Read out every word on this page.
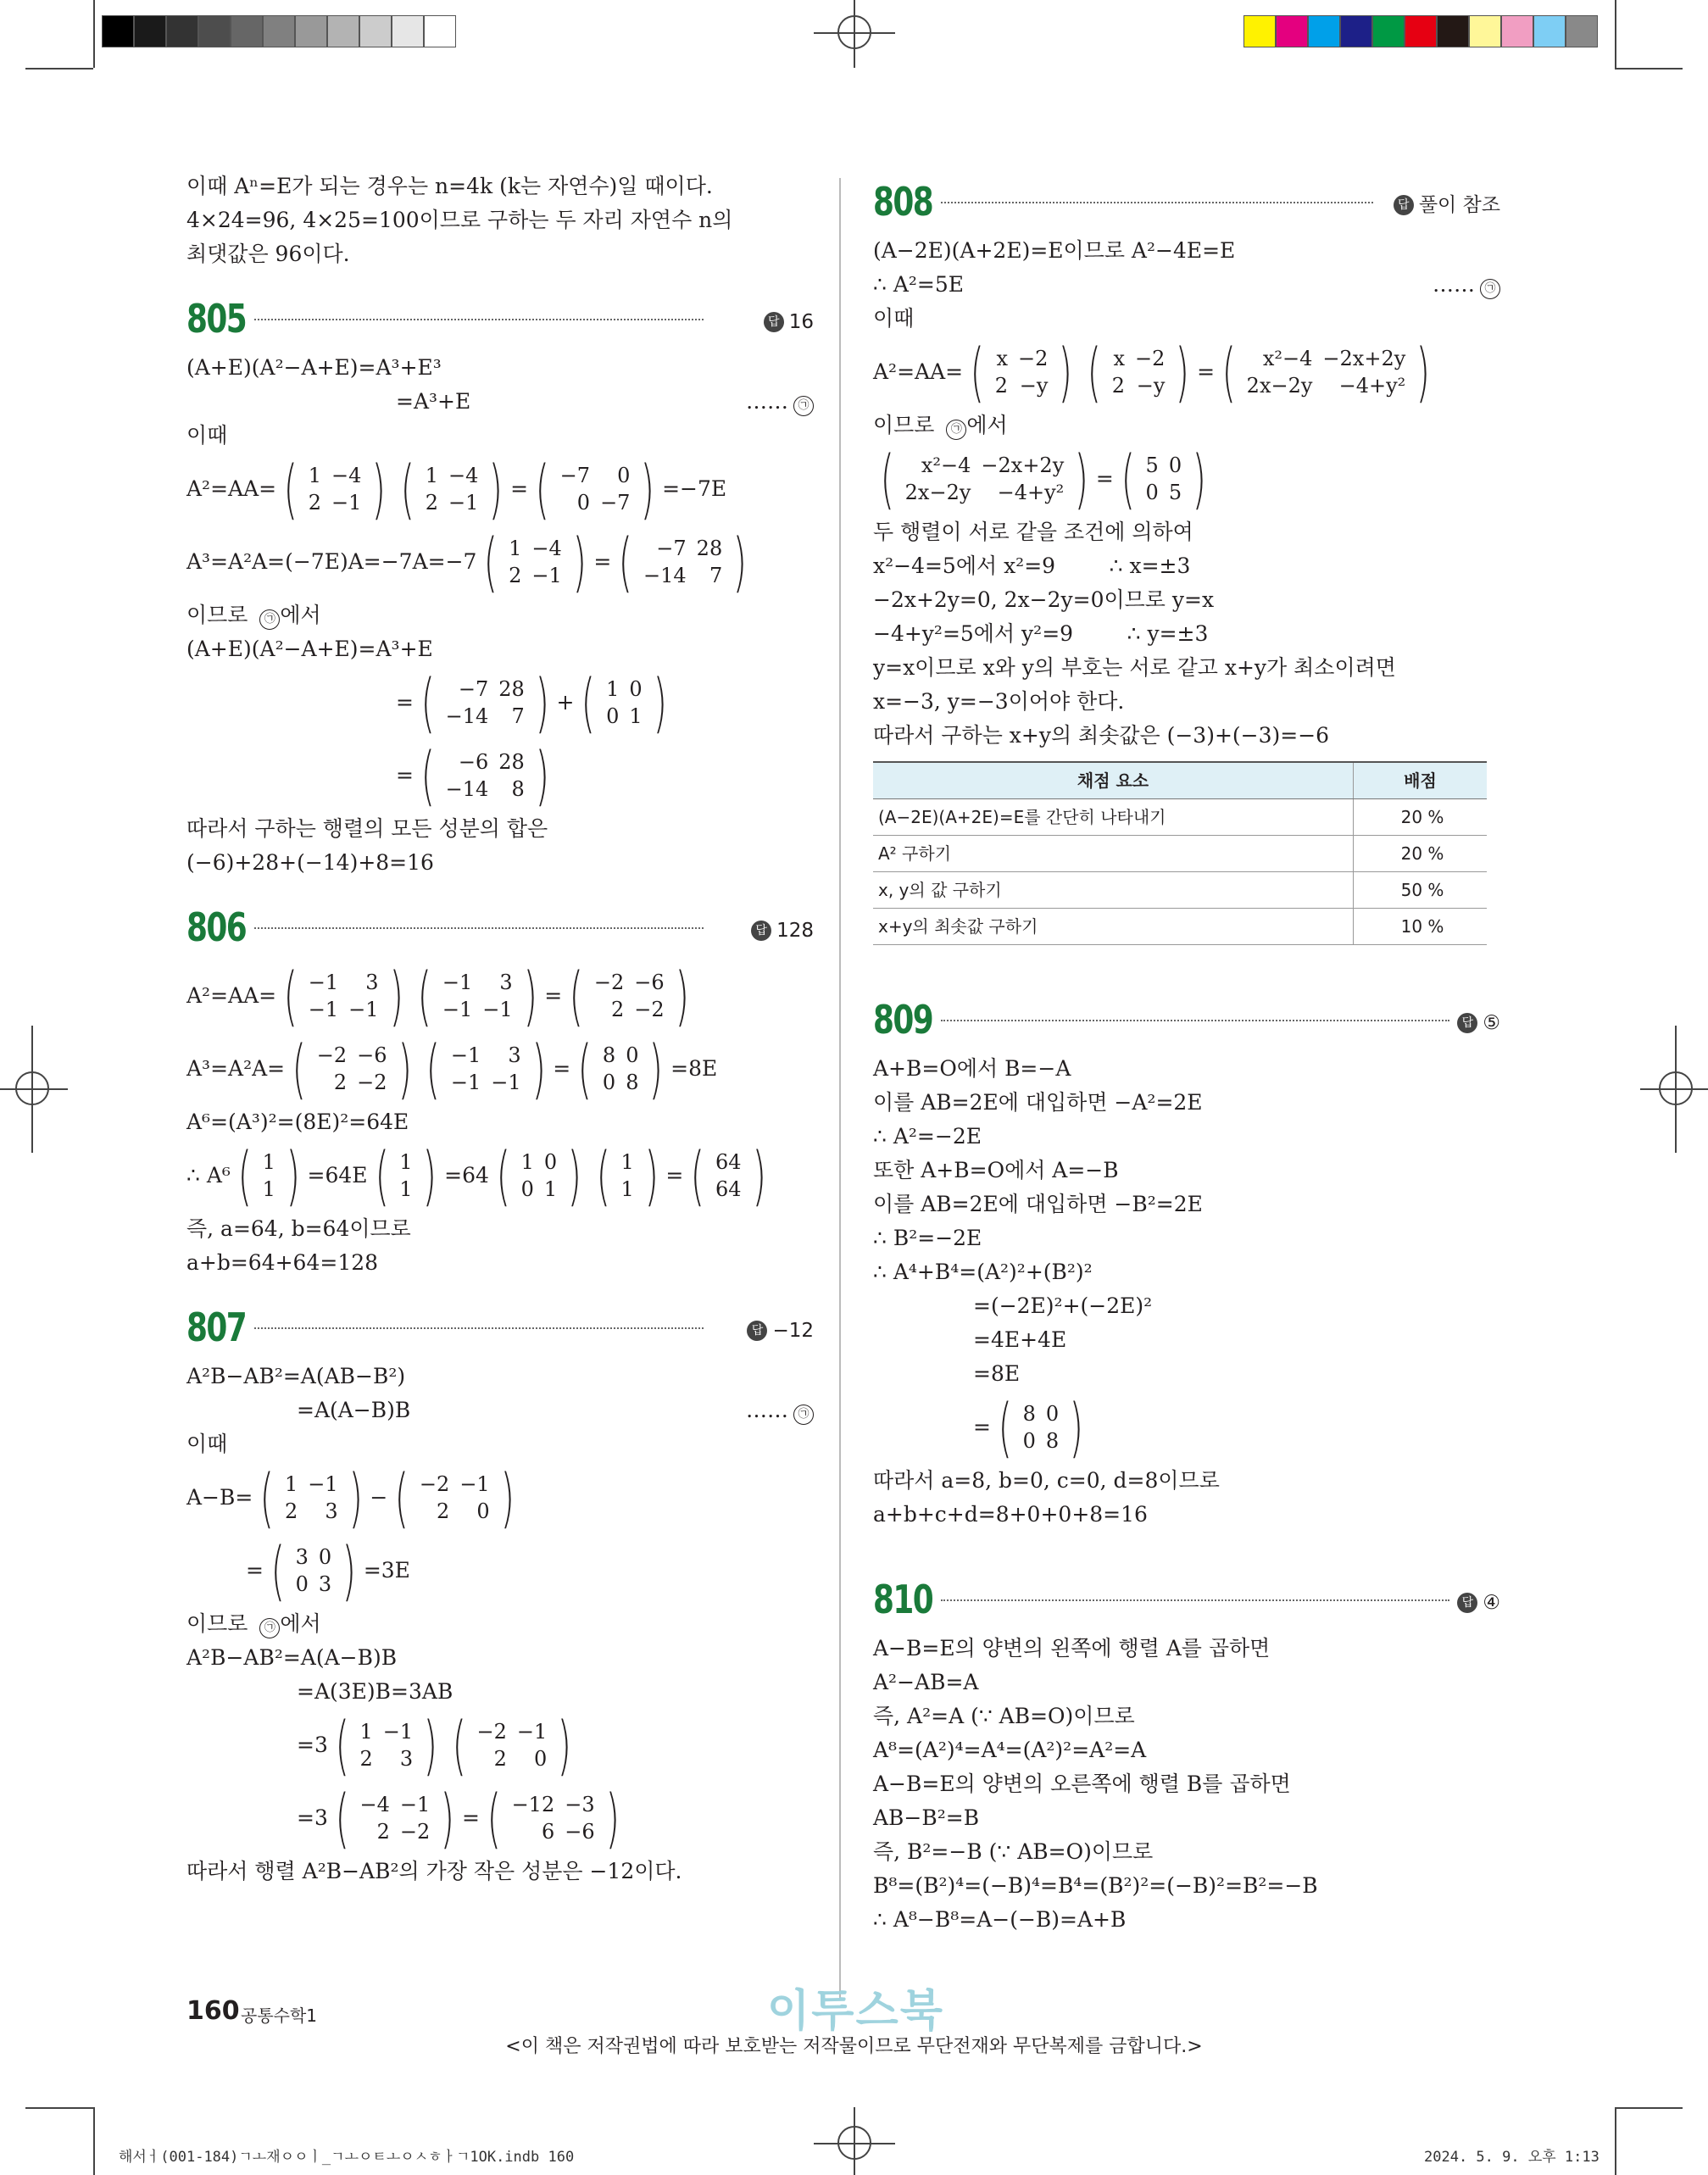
이때 Aⁿ=E가 되는 경우는 n=4k (k는 자연수)일 때이다.
4×24=96, 4×25=100이므로 구하는 두 자리 자연수 n의
최댓값은 96이다.
805	답 16
(A+E)(A²−A+E)=A³+E³
=A³+E	…… ㉠
이때
A²=AA= ( 1	−4
2	−1 ) ( 1	−4
2	−1 ) = ( −7	0
0	−7 ) =−7E
A³=A²A=(−7E)A=−7A=−7 ( 1	−4
2	−1 ) = ( −7	28
−14	7 )
이므로 ㉠ 에서
(A+E)(A²−A+E)=A³+E
= ( −7	28
−14	7 ) + ( 1	0
0	1 )
= ( −6	28
−14	8 )
따라서 구하는 행렬의 모든 성분의 합은
(−6)+28+(−14)+8=16
806	답 128
A²=AA= ( −1	3
−1	−1 ) ( −1	3
−1	−1 ) = ( −2	−6
2	−2 )
A³=A²A= ( −2	−6
2	−2 ) ( −1	3
−1	−1 ) = ( 8	0
0	8 ) =8E
A⁶=(A³)²=(8E)²=64E
∴ A⁶ ( 1
1 ) =64E ( 1
1 ) =64 ( 1	0
0	1 ) ( 1
1 ) = ( 64
64 )
즉, a=64, b=64이므로
a+b=64+64=128
807	답 −12
A²B−AB²=A(AB−B²)
=A(A−B)B	…… ㉠
이때
A−B= ( 1	−1
2	3 ) − ( −2	−1
2	0 )
= ( 3	0
0	3 ) =3E
이므로 ㉠ 에서
A²B−AB²=A(A−B)B
=A(3E)B=3AB
=3 ( 1	−1
2	3 ) ( −2	−1
2	0 )
=3 ( −4	−1
2	−2 ) = ( −12	−3
6	−6 )
따라서 행렬 A²B−AB²의 가장 작은 성분은 −12이다.
808	답 풀이 참조
(A−2E)(A+2E)=E이므로 A²−4E=E
∴ A²=5E	…… ㉠
이때
A²=AA= ( x	−2
2	−y ) ( x	−2
2	−y ) = ( x²−4	−2x+2y
2x−2y	−4+y² )
이므로 ㉠ 에서
( x²−4	−2x+2y
2x−2y	−4+y² ) = ( 5	0
0	5 )
두 행렬이 서로 같을 조건에 의하여
x²−4=5에서 x²=9        ∴ x=±3
−2x+2y=0, 2x−2y=0이므로 y=x
−4+y²=5에서 y²=9        ∴ y=±3
y=x이므로 x와 y의 부호는 서로 같고 x+y가 최소이려면
x=−3, y=−3이어야 한다.
따라서 구하는 x+y의 최솟값은 (−3)+(−3)=−6
채점 요소	배점
(A−2E)(A+2E)=E를 간단히 나타내기	20 %
A² 구하기	20 %
x, y의 값 구하기	50 %
x+y의 최솟값 구하기	10 %
809	답 ⑤
A+B=O에서 B=−A
이를 AB=2E에 대입하면 −A²=2E
∴ A²=−2E
또한 A+B=O에서 A=−B
이를 AB=2E에 대입하면 −B²=2E
∴ B²=−2E
∴ A⁴+B⁴=(A²)²+(B²)²
=(−2E)²+(−2E)²
=4E+4E
=8E
= ( 8	0
0	8 )
따라서 a=8, b=0, c=0, d=8이므로
a+b+c+d=8+0+0+8=16
810	답 ④
A−B=E의 양변의 왼쪽에 행렬 A를 곱하면
A²−AB=A
즉, A²=A (∵ AB=O)이므로
A⁸=(A²)⁴=A⁴=(A²)²=A²=A
A−B=E의 양변의 오른쪽에 행렬 B를 곱하면
AB−B²=B
즉, B²=−B (∵ AB=O)이므로
B⁸=(B²)⁴=(−B)⁴=B⁴=(B²)²=(−B)²=B²=−B
∴ A⁸−B⁸=A−(−B)=A+B
160 공통수학1	이투스북
<이 책은 저작권법에 따라 보호받는 저작물이므로 무단전재와 무단복제를 금합니다.>
해서ㅓ(001-184)ㄱㅗ재ㅇㅇㅣ_ㄱㅗㅇㅌㅗㅇㅅㅎㅏㄱ1OK.indb 160	2024. 5. 9. 오후 1:13
